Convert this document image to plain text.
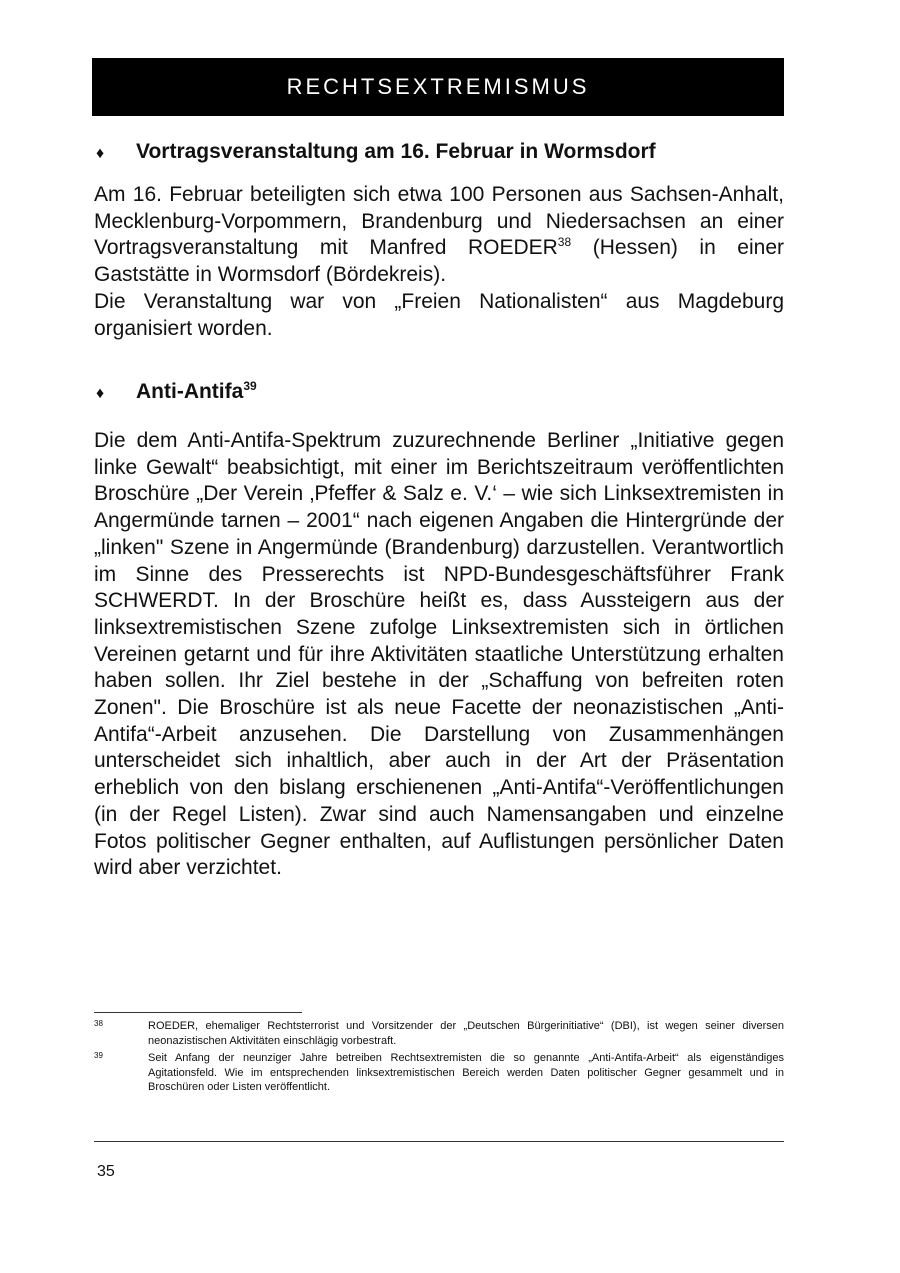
RECHTSEXTREMISMUS
♦	Vortragsveranstaltung am 16. Februar in Wormsdorf

Am 16. Februar beteiligten sich etwa 100 Personen aus Sachsen-Anhalt, Mecklenburg-Vorpommern, Brandenburg und Niedersachsen an einer Vortragsveranstaltung mit Manfred ROEDER$^{38}$ (Hessen) in einer Gaststätte in Wormsdorf (Bördekreis).

Die Veranstaltung war von „Freien Nationalisten“ aus Magdeburg organisiert worden.

♦	Anti-Antifa$^{39}$

Die dem Anti-Antifa-Spektrum zuzurechnende Berliner „Initiative gegen linke Gewalt“ beabsichtigt, mit einer im Berichtszeitraum veröffentlichten Broschüre „Der Verein ‚Pfeffer & Salz e. V.‘ – wie sich Linksextremisten in Angermünde tarnen – 2001“ nach eigenen Angaben die Hintergründe der „linken" Szene in Angermünde (Brandenburg) darzustellen. Verantwortlich im Sinne des Presserechts ist NPD-Bundesgeschäftsführer Frank SCHWERDT. In der Broschüre heißt es, dass Aussteigern aus der linksextremistischen Szene zufolge Linksextremisten sich in örtlichen Vereinen getarnt und für ihre Aktivitäten staatliche Unterstützung erhalten haben sollen. Ihr Ziel bestehe in der „Schaffung von befreiten roten Zonen". Die Broschüre ist als neue Facette der neonazistischen „Anti-Antifa“-Arbeit anzusehen. Die Darstellung von Zusammenhängen unterscheidet sich inhaltlich, aber auch in der Art der Präsentation erheblich von den bislang erschienenen „Anti-Antifa“-Veröffentlichungen (in der Regel Listen). Zwar sind auch Namensangaben und einzelne Fotos politischer Gegner enthalten, auf Auflistungen persönlicher Daten wird aber verzichtet.

38	ROEDER, ehemaliger Rechtsterrorist und Vorsitzender der „Deutschen Bürgerinitiative“ (DBI), ist wegen seiner diversen neonazistischen Aktivitäten einschlägig vorbestraft.
39	Seit Anfang der neunziger Jahre betreiben Rechtsextremisten die so genannte „Anti-Antifa-Arbeit“ als eigenständiges Agitationsfeld. Wie im entsprechenden linksextremistischen Bereich werden Daten politischer Gegner gesammelt und in Broschüren oder Listen veröffentlicht.
35
